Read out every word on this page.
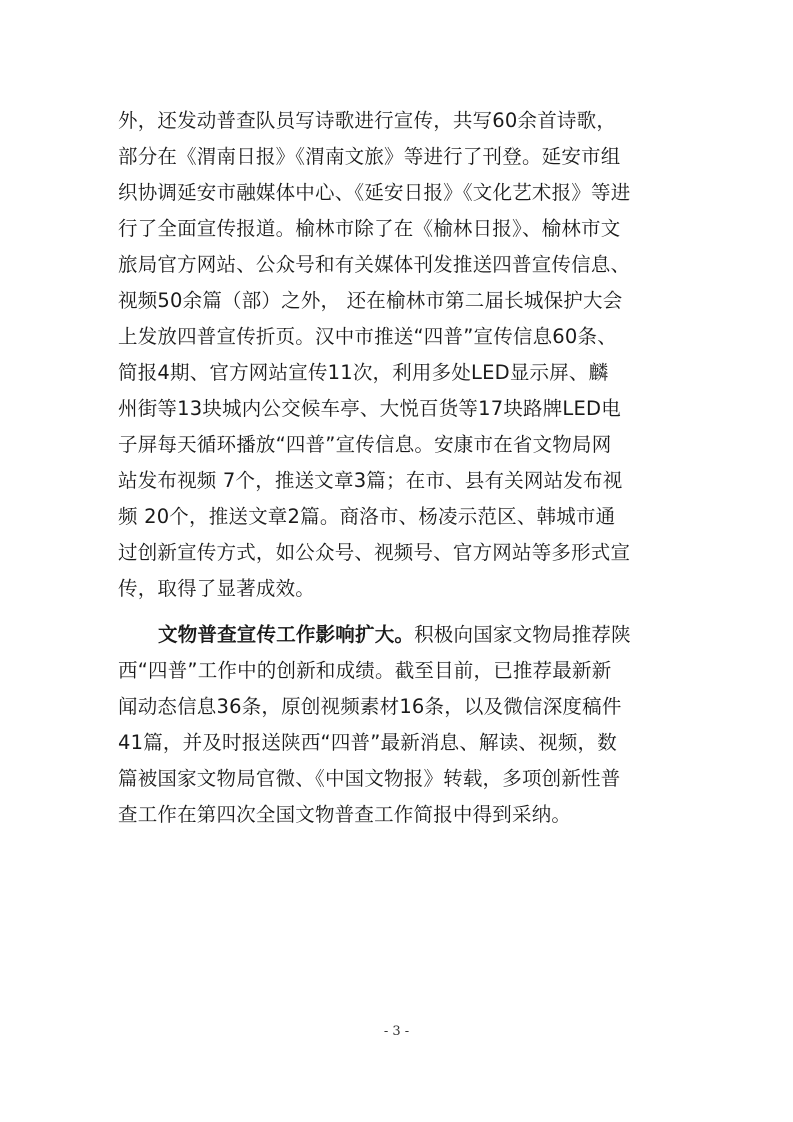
外，还发动普查队员写诗歌进行宣传，共写60余首诗歌，
部分在《渭南日报》《渭南文旅》等进行了刊登。延安市组
织协调延安市融媒体中心、《延安日报》《文化艺术报》等进
行了全面宣传报道。榆林市除了在《榆林日报》、榆林市文
旅局官方网站、公众号和有关媒体刊发推送四普宣传信息、
视频50余篇（部）之外， 还在榆林市第二届长城保护大会
上发放四普宣传折页。汉中市推送“四普”宣传信息60条、
简报4期、官方网站宣传11次，利用多处LED显示屏、麟
州街等13块城内公交候车亭、大悦百货等17块路牌LED电
子屏每天循环播放“四普”宣传信息。安康市在省文物局网
站发布视频 7个，推送文章3篇；在市、县有关网站发布视
频 20个，推送文章2篇。商洛市、杨凌示范区、韩城市通
过创新宣传方式，如公众号、视频号、官方网站等多形式宣
传，取得了显著成效。
文物普查宣传工作影响扩大。积极向国家文物局推荐陕
西“四普”工作中的创新和成绩。截至目前，已推荐最新新
闻动态信息36条，原创视频素材16条，以及微信深度稿件
41篇，并及时报送陕西“四普”最新消息、解读、视频，数
篇被国家文物局官微、《中国文物报》转载，多项创新性普
查工作在第四次全国文物普查工作简报中得到采纳。
- 3 -
